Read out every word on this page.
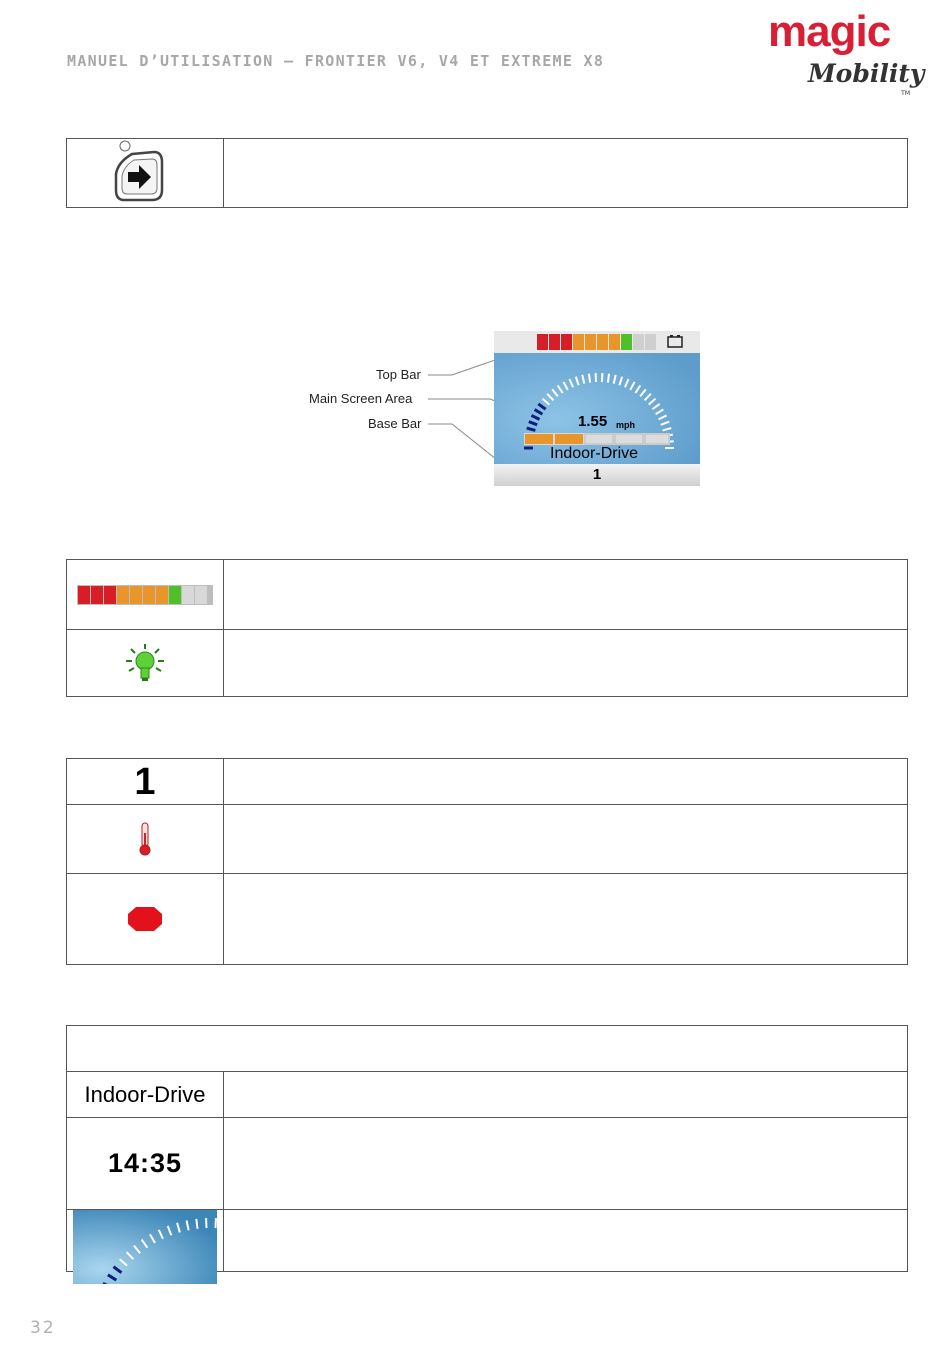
MANUEL D’UTILISATION – FRONTIER V6, V4 ET EXTREME X8
magic
Mobility
TM
Top Bar
Main Screen Area
Base Bar	1.55 mph
Indoor-Drive
1
1
Indoor-Drive
14:35
32
